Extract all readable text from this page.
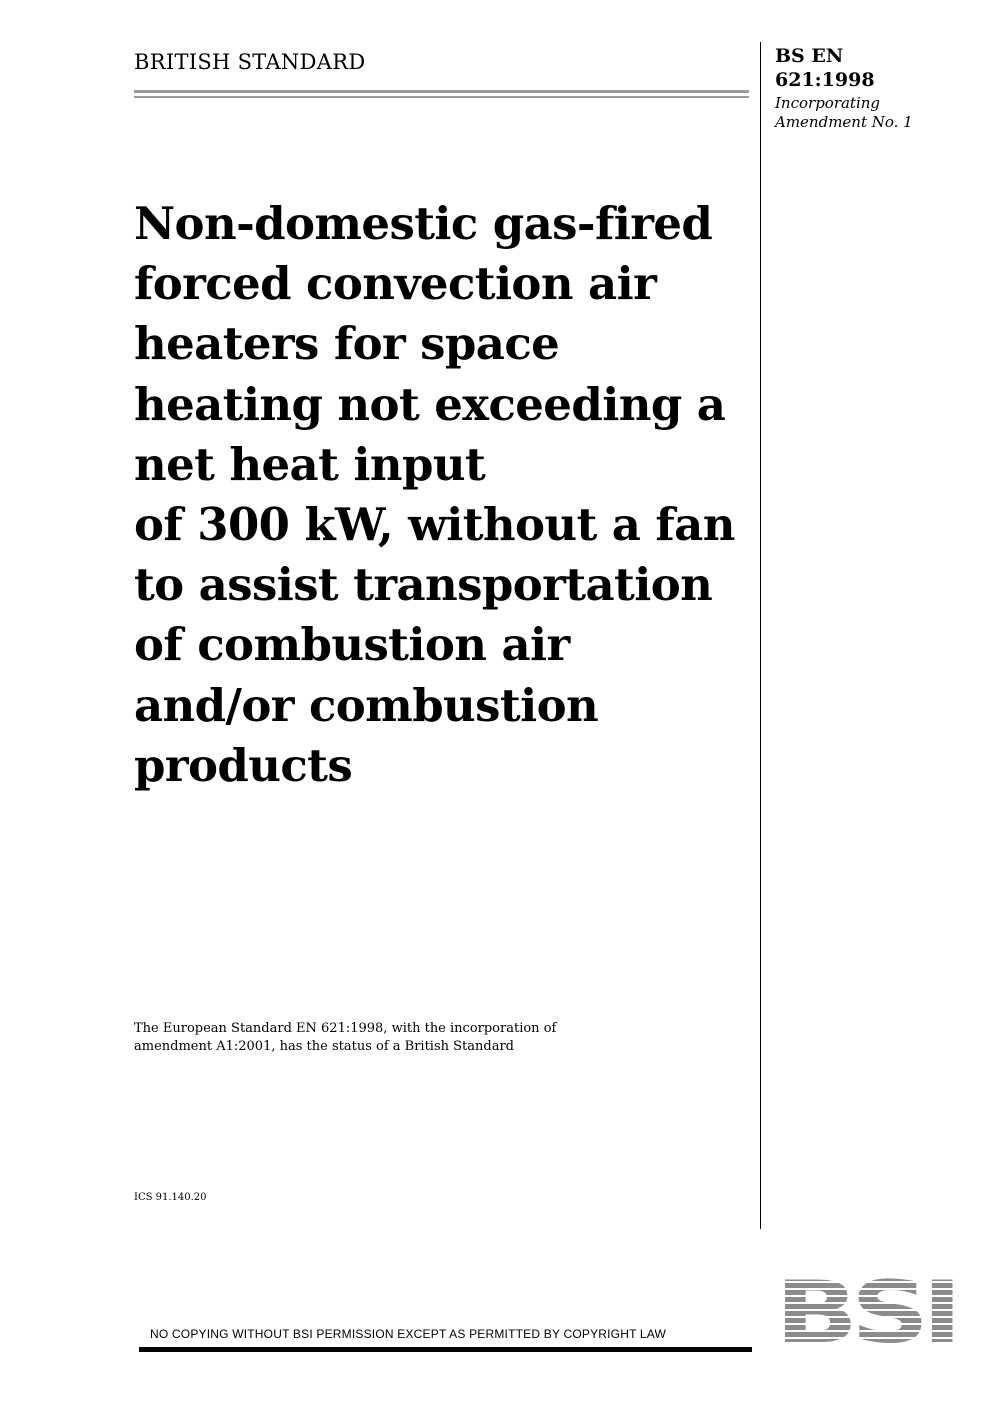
BRITISH STANDARD	BS EN
621:1998
Incorporating
Amendment No. 1
Non-domestic gas-fired
forced convection air
heaters for space
heating not exceeding a
net heat input
of 300 kW, without a fan
to assist transportation
of combustion air
and/or combustion
products
The European Standard EN 621:1998, with the incorporation of
amendment A1:2001, has the status of a British Standard
ICS 91.140.20
NO COPYING WITHOUT BSI PERMISSION EXCEPT AS PERMITTED BY COPYRIGHT LAW	BSI
